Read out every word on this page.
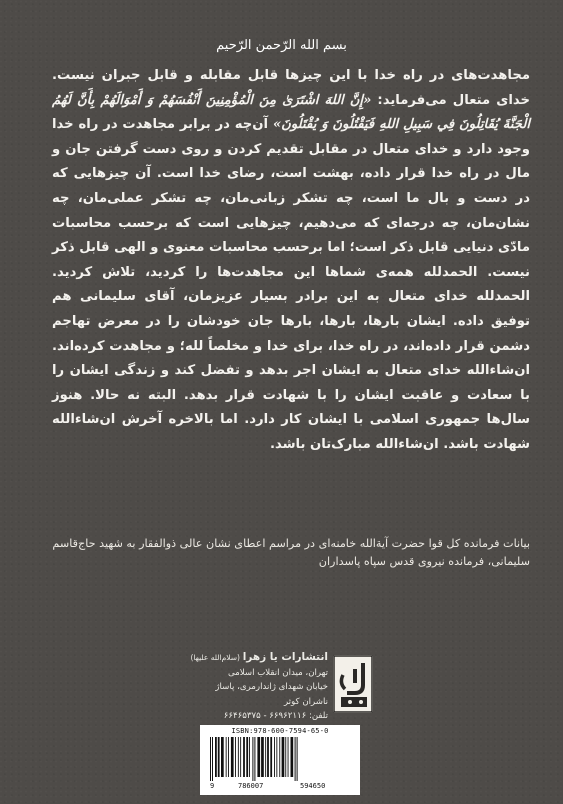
بسم الله الرّحمن الرّحیم

مجاهدت‌های در راه خدا با این چیزها قابل مقابله و قابل جبران نیست. خدای متعال می‌فرماید: «إِنَّ اللهَ اشْتَرَىٰ مِنَ الْمُؤْمِنِينَ أَنْفُسَهُمْ وَ أَمْوَالَهُمْ بِأَنَّ لَهُمُ الْجَنَّةَ يُقَاتِلُونَ فِي سَبِيلِ اللهِ فَيَقْتُلُونَ وَ يُقْتَلُونَ» آن‌چه در برابر مجاهدت در راه خدا وجود دارد و خدای متعال در مقابل تقدیم کردن و روی دست گرفتن جان و مال در راه خدا قرار داده، بهشت است، رضای خدا است. آن چیزهایی که در دست و بال ما است، چه تشکر زبانی‌مان، چه تشکر عملی‌مان، چه نشان‌مان، چه درجه‌ای که می‌دهیم، چیزهایی است که برحسب محاسبات مادّی دنیایی قابل ذکر است؛ اما برحسب محاسبات معنوی و الهی قابل ذکر نیست. الحمدلله همه‌ی شماها این مجاهدت‌ها را کردید، تلاش کردید. الحمدلله خدای متعال به این برادر بسیار عزیزمان، آقای سلیمانی هم توفیق داده. ایشان بارها، بارها، بارها جان خودشان را در معرض تهاجم دشمن قرار داده‌اند، در راه خدا، برای خدا و مخلصاً لله؛ و مجاهدت کرده‌اند. ان‌شاءالله خدای متعال به ایشان اجر بدهد و تفضل کند و زندگی ایشان را با سعادت و عاقبت ایشان را با شهادت قرار بدهد. البته نه حالا. هنوز سال‌ها جمهوری اسلامی با ایشان کار دارد. اما بالاخره آخرش ان‌شاءالله شهادت باشد. ان‌شاءالله مبارک‌تان باشد.

بیانات فرمانده کل قوا حضرت آیةالله خامنه‌ای در مراسم اعطای نشان عالی ذوالفقار به شهید حاج‌قاسم سلیمانی، فرمانده نیروی قدس سپاه پاسداران
انتشارات یا زهرا (سلام‌الله علیها)
تهران، میدان انقلاب اسلامی
خیابان شهدای ژاندارمری، پاساژ ناشران کوثر
تلفن: ۶۶۹۶۲۱۱۶ - ۶۶۴۶۵۳۷۵
ISBN:978-600-7594-65-0
9	786007	594650
